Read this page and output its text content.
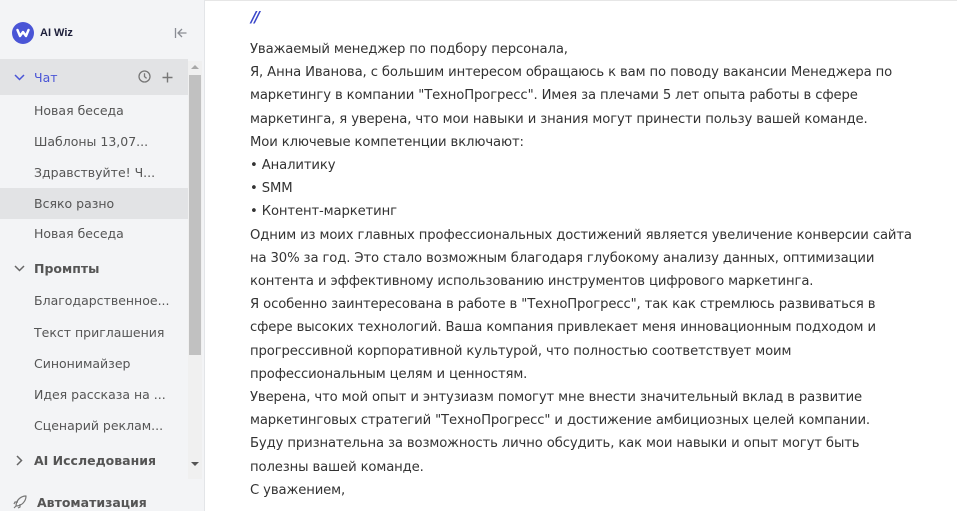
AI Wiz
Чат
Новая беседа
Шаблоны 13,07...
Здравствуйте! Ч...
Всяко разно
Новая беседа
Промпты
Благодарственное...
Текст приглашения
Синонимайзер
Идея рассказа на ...
Сценарий реклам...
AI Исследования
Автоматизация
//
Уважаемый менеджер по подбору персонала,
Я, Анна Иванова, с большим интересом обращаюсь к вам по поводу вакансии Менеджера по
маркетингу в компании "ТехноПрогресс". Имея за плечами 5 лет опыта работы в сфере
маркетинга, я уверена, что мои навыки и знания могут принести пользу вашей команде.
Мои ключевые компетенции включают:
• Аналитику
• SMM
• Контент-маркетинг
Одним из моих главных профессиональных достижений является увеличение конверсии сайта
на 30% за год. Это стало возможным благодаря глубокому анализу данных, оптимизации
контента и эффективному использованию инструментов цифрового маркетинга.
Я особенно заинтересована в работе в "ТехноПрогресс", так как стремлюсь развиваться в
сфере высоких технологий. Ваша компания привлекает меня инновационным подходом и
прогрессивной корпоративной культурой, что полностью соответствует моим
профессиональным целям и ценностям.
Уверена, что мой опыт и энтузиазм помогут мне внести значительный вклад в развитие
маркетинговых стратегий "ТехноПрогресс" и достижение амбициозных целей компании.
Буду признательна за возможность лично обсудить, как мои навыки и опыт могут быть
полезны вашей команде.
С уважением,
